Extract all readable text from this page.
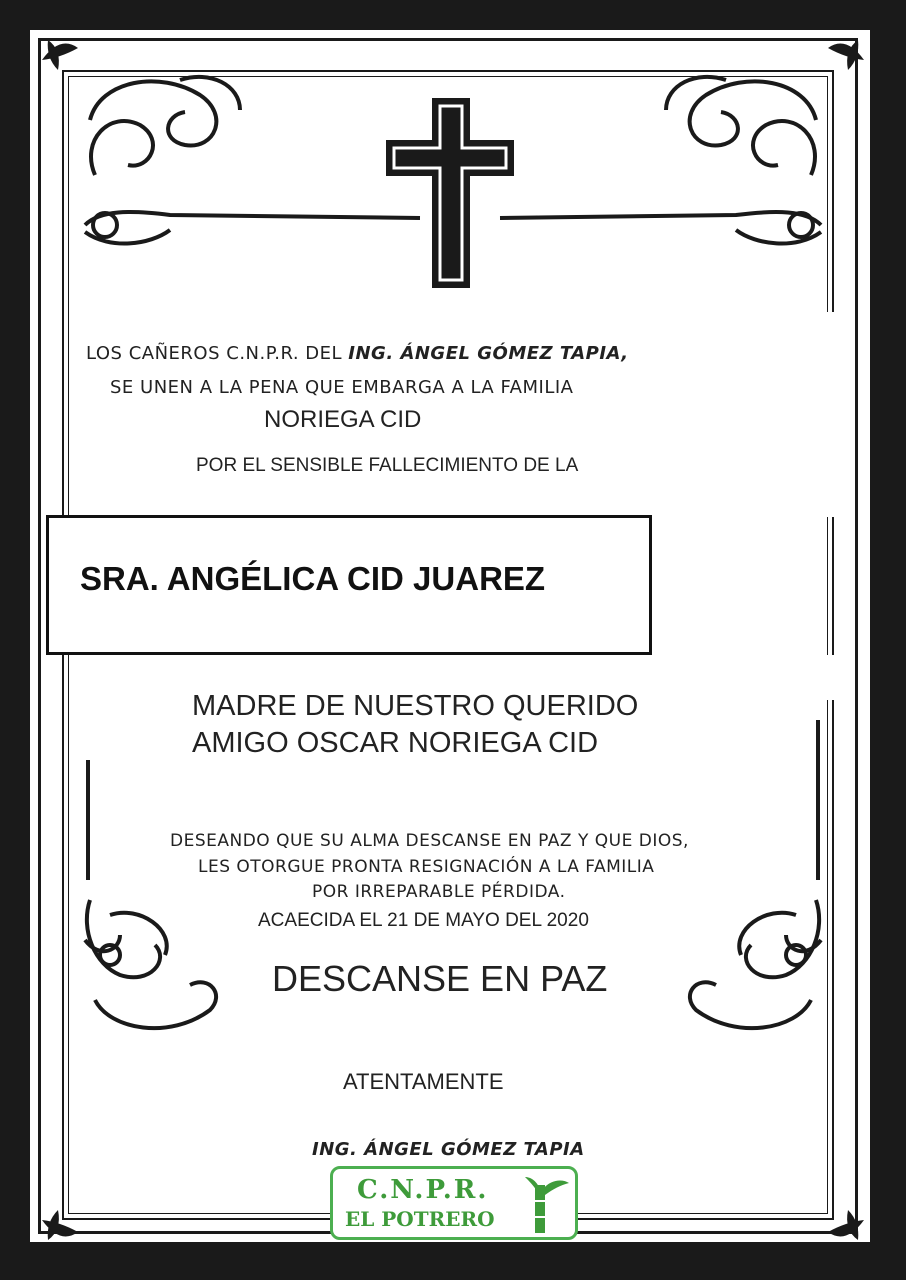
LOS CAÑEROS C.N.P.R. DEL ING. ÁNGEL GÓMEZ TAPIA,
SE UNEN A LA PENA QUE EMBARGA A LA FAMILIA
NORIEGA CID
POR EL SENSIBLE FALLECIMIENTO DE LA
SRA. ANGÉLICA CID JUAREZ
MADRE DE NUESTRO QUERIDO
AMIGO OSCAR NORIEGA CID
DESEANDO QUE SU ALMA DESCANSE EN PAZ Y QUE DIOS,
LES OTORGUE PRONTA RESIGNACIÓN A LA FAMILIA
POR IRREPARABLE PÉRDIDA.
ACAECIDA EL 21 DE MAYO DEL 2020
DESCANSE EN PAZ
ATENTAMENTE
ING. ÁNGEL GÓMEZ TAPIA
C.N.P.R.
EL POTRERO
